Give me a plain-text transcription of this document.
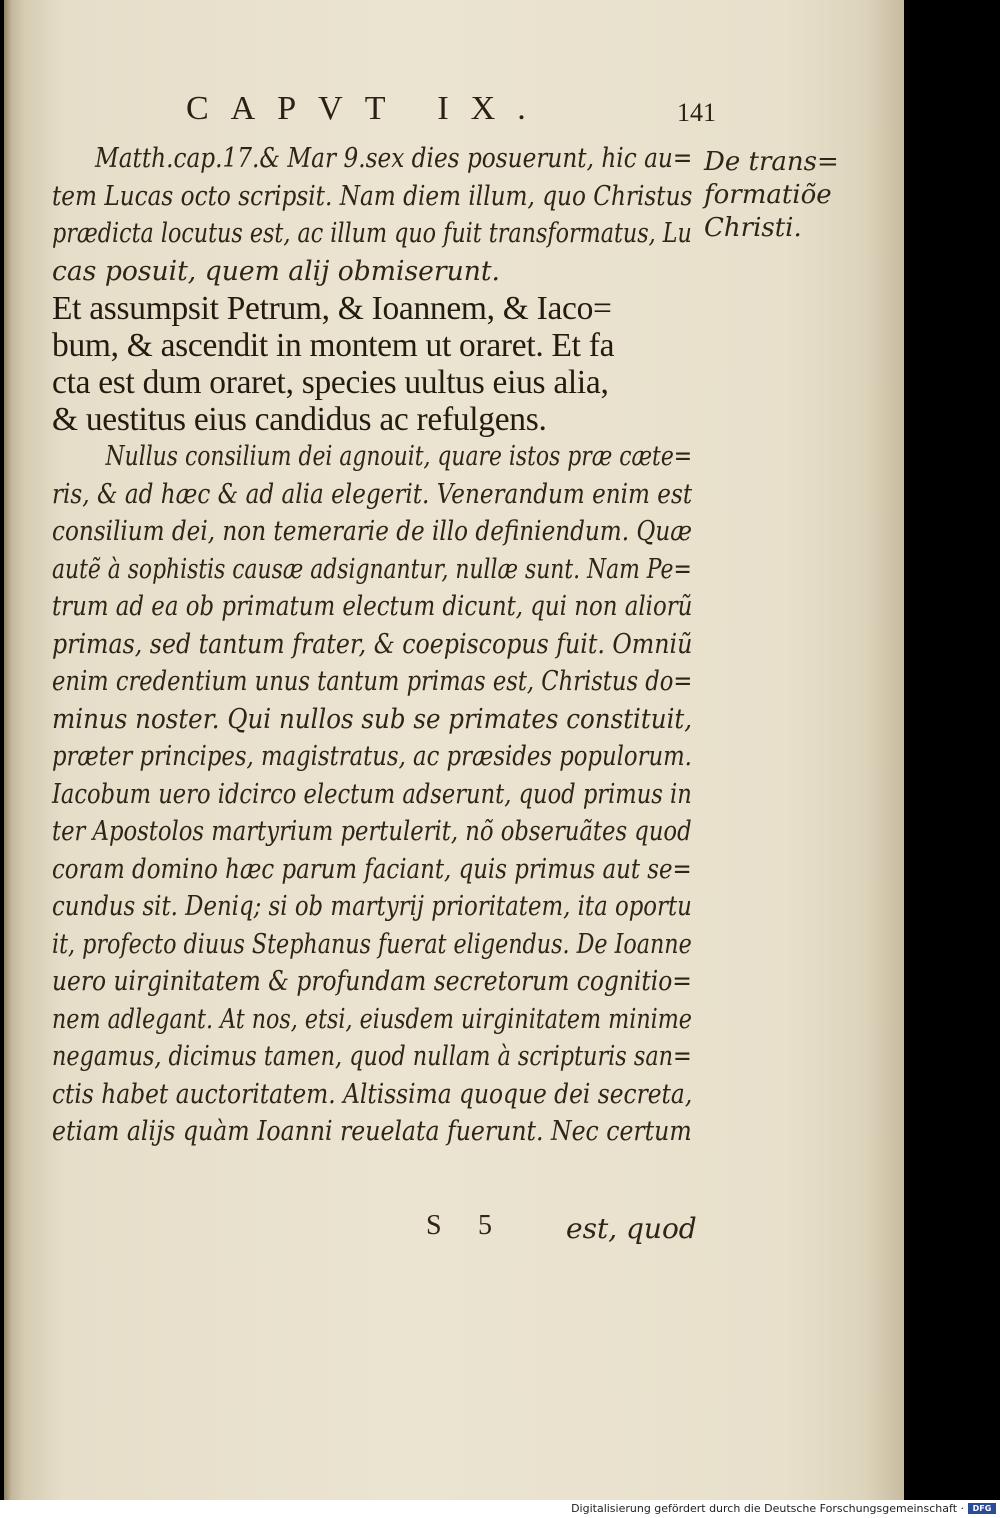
CAPVT IX.	141
De trans=
formatiõe
Christi.
Matth.cap.17.& Mar 9.sex dies posuerunt, hic au=
tem Lucas octo scripsit. Nam diem illum, quo Christus
prædicta locutus est, ac illum quo fuit transformatus, Lu
cas posuit, quem alij obmiserunt.
Et assumpsit Petrum, & Ioannem, & Iaco=
bum, & ascendit in montem ut oraret. Et fa
cta est dum oraret, species uultus eius alia,
& uestitus eius candidus ac refulgens.
Nullus consilium dei agnouit, quare istos præ cæte=
ris, & ad hæc & ad alia elegerit. Venerandum enim est
consilium dei, non temerarie de illo definiendum. Quæ
autẽ à sophistis causæ adsignantur, nullæ sunt. Nam Pe=
trum ad ea ob primatum electum dicunt, qui non aliorũ
primas, sed tantum frater, & coepiscopus fuit. Omniũ
enim credentium unus tantum primas est, Christus do=
minus noster. Qui nullos sub se primates constituit,
præter principes, magistratus, ac præsides populorum.
Iacobum uero idcirco electum adserunt, quod primus in
ter Apostolos martyrium pertulerit, nõ obseruãtes quod
coram domino hæc parum faciant, quis primus aut se=
cundus sit. Deniq; si ob martyrij prioritatem, ita oportu
it, profecto diuus Stephanus fuerat eligendus. De Ioanne
uero uirginitatem & profundam secretorum cognitio=
nem adlegant. At nos, etsi, eiusdem uirginitatem minime
negamus, dicimus tamen, quod nullam à scripturis san=
ctis habet auctoritatem. Altissima quoque dei secreta,
etiam alijs quàm Ioanni reuelata fuerunt. Nec certum
S 5	est, quod
Digitalisierung gefördert durch die Deutsche Forschungsgemeinschaft ·	DFG
